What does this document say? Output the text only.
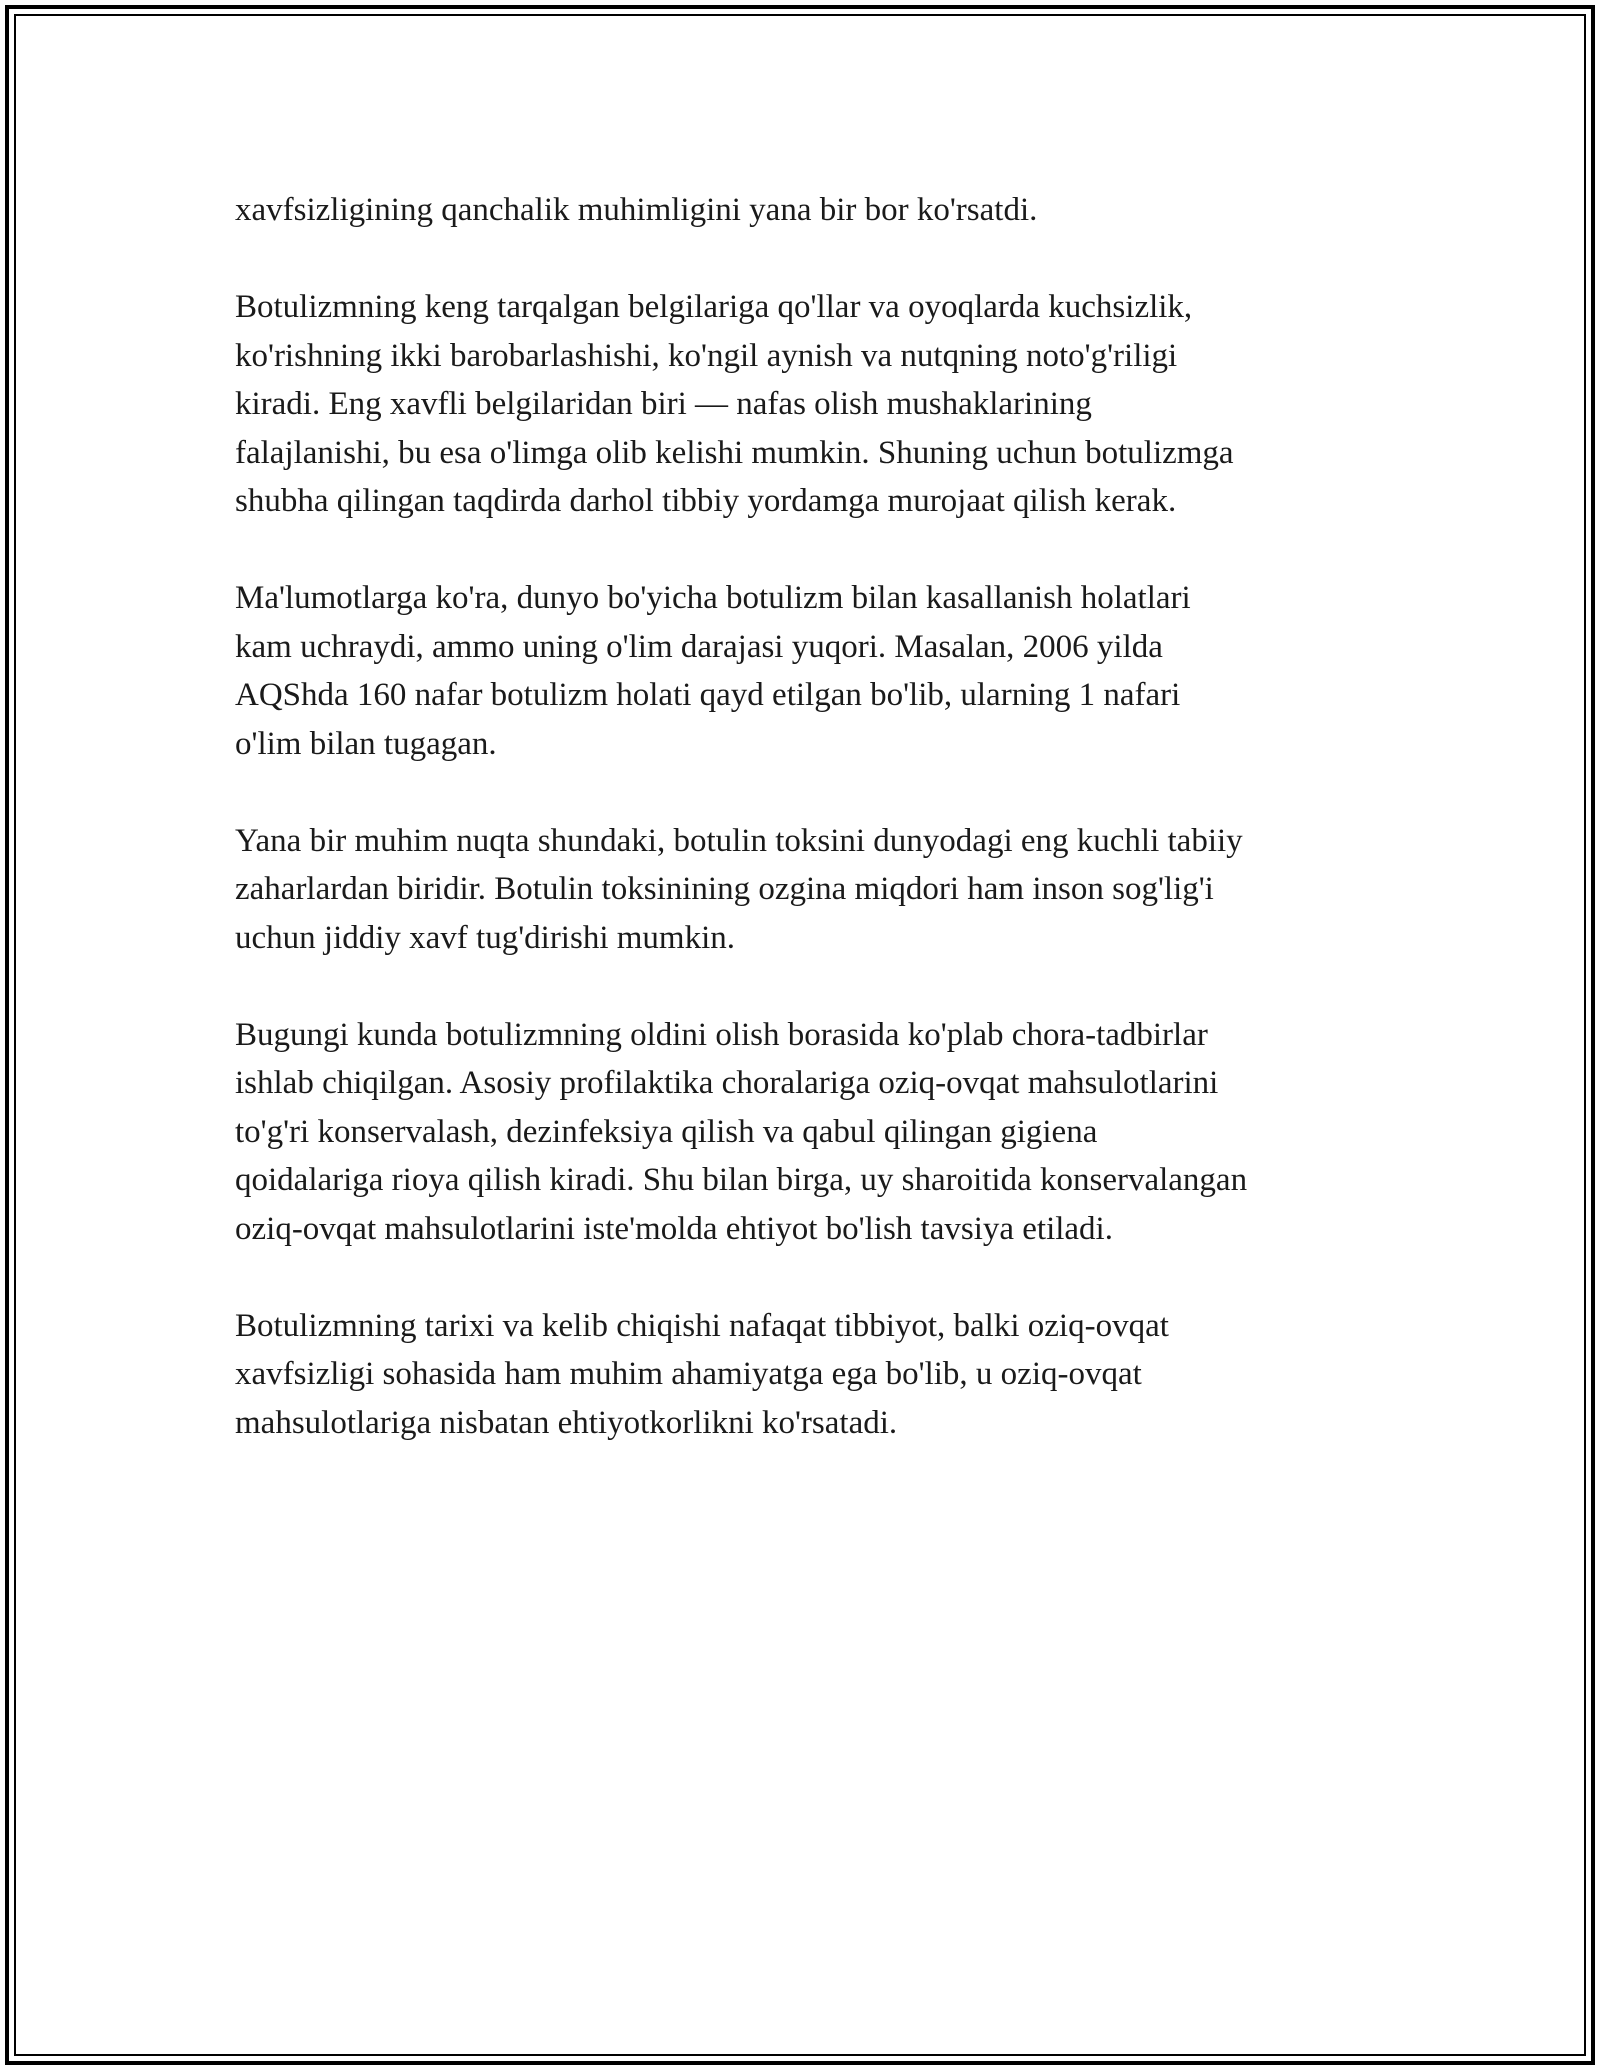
xavfsizligining qanchalik muhimligini yana bir bor ko'rsatdi.
Botulizmning keng tarqalgan belgilariga qo'llar va oyoqlarda kuchsizlik,
ko'rishning ikki barobarlashishi, ko'ngil aynish va nutqning noto'g'riligi
kiradi. Eng xavfli belgilaridan biri — nafas olish mushaklarining
falajlanishi, bu esa o'limga olib kelishi mumkin. Shuning uchun botulizmga
shubha qilingan taqdirda darhol tibbiy yordamga murojaat qilish kerak.
Ma'lumotlarga ko'ra, dunyo bo'yicha botulizm bilan kasallanish holatlari
kam uchraydi, ammo uning o'lim darajasi yuqori. Masalan, 2006 yilda
AQShda 160 nafar botulizm holati qayd etilgan bo'lib, ularning 1 nafari
o'lim bilan tugagan.
Yana bir muhim nuqta shundaki, botulin toksini dunyodagi eng kuchli tabiiy
zaharlardan biridir. Botulin toksinining ozgina miqdori ham inson sog'lig'i
uchun jiddiy xavf tug'dirishi mumkin.
Bugungi kunda botulizmning oldini olish borasida ko'plab chora-tadbirlar
ishlab chiqilgan. Asosiy profilaktika choralariga oziq-ovqat mahsulotlarini
to'g'ri konservalash, dezinfeksiya qilish va qabul qilingan gigiena
qoidalariga rioya qilish kiradi. Shu bilan birga, uy sharoitida konservalangan
oziq-ovqat mahsulotlarini iste'molda ehtiyot bo'lish tavsiya etiladi.
Botulizmning tarixi va kelib chiqishi nafaqat tibbiyot, balki oziq-ovqat
xavfsizligi sohasida ham muhim ahamiyatga ega bo'lib, u oziq-ovqat
mahsulotlariga nisbatan ehtiyotkorlikni ko'rsatadi.
